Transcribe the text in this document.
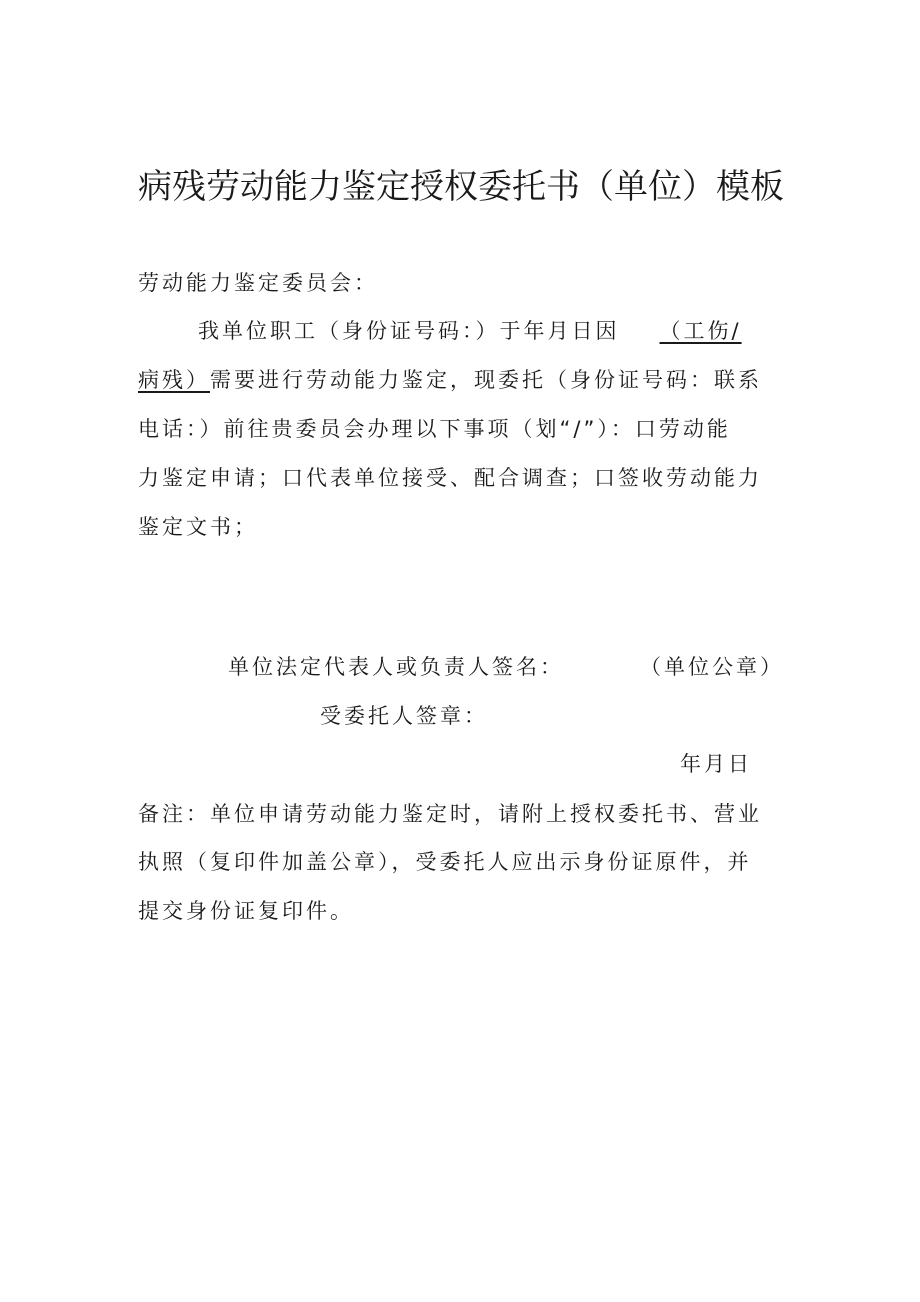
病残劳动能力鉴定授权委托书（单位）模板
劳动能力鉴定委员会：
我单位职工（身份证号码：）于年月日因 （工伤/
病残）需要进行劳动能力鉴定，现委托（身份证号码：联系
电话：）前往贵委员会办理以下事项（划“/”）：口劳动能
力鉴定申请；口代表单位接受、配合调查；口签收劳动能力
鉴定文书；
单位法定代表人或负责人签名：	（单位公章）
受委托人签章：
年月日
备注：单位申请劳动能力鉴定时，请附上授权委托书、营业
执照（复印件加盖公章），受委托人应出示身份证原件，并
提交身份证复印件。
